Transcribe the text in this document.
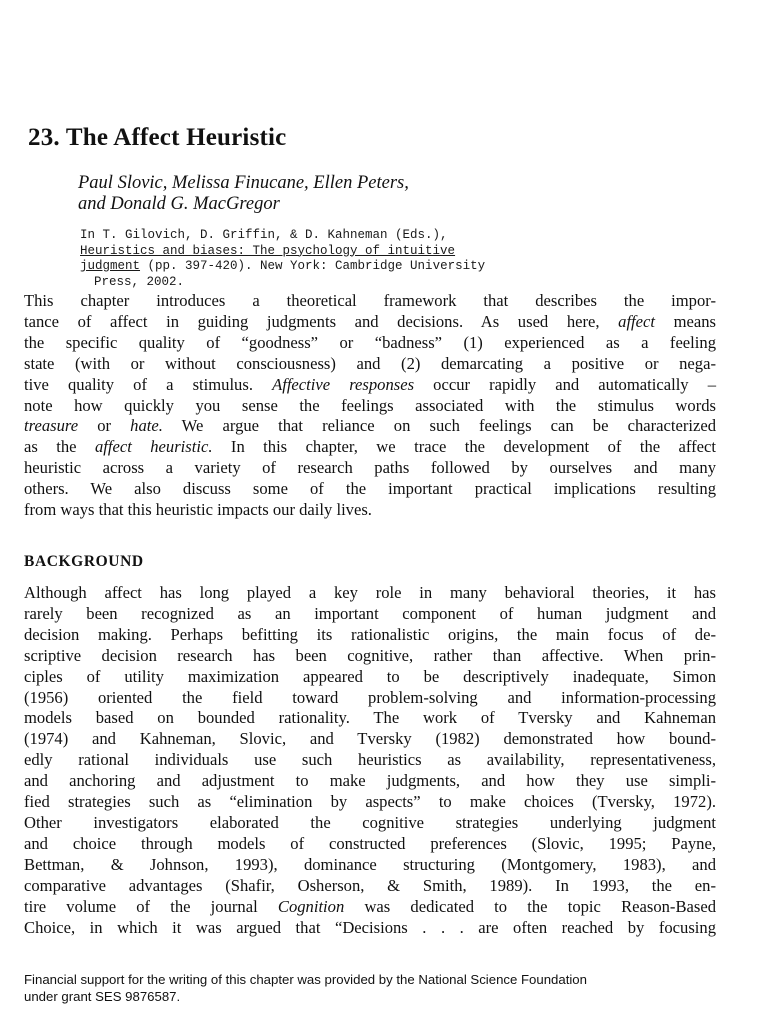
23. The Affect Heuristic
Paul Slovic, Melissa Finucane, Ellen Peters,
and Donald G. MacGregor
In T. Gilovich, D. Griffin, & D. Kahneman (Eds.),
Heuristics and biases: The psychology of intuitive
judgment (pp. 397-420). New York: Cambridge University
Press, 2002.
This chapter introduces a theoretical framework that describes the impor-
tance of affect in guiding judgments and decisions. As used here, affect means
the specific quality of “goodness” or “badness” (1) experienced as a feeling
state (with or without consciousness) and (2) demarcating a positive or nega-
tive quality of a stimulus. Affective responses occur rapidly and automatically –
note how quickly you sense the feelings associated with the stimulus words
treasure or hate. We argue that reliance on such feelings can be characterized
as the affect heuristic. In this chapter, we trace the development of the affect
heuristic across a variety of research paths followed by ourselves and many
others. We also discuss some of the important practical implications resulting
from ways that this heuristic impacts our daily lives.
BACKGROUND
Although affect has long played a key role in many behavioral theories, it has
rarely been recognized as an important component of human judgment and
decision making. Perhaps befitting its rationalistic origins, the main focus of de-
scriptive decision research has been cognitive, rather than affective. When prin-
ciples of utility maximization appeared to be descriptively inadequate, Simon
(1956) oriented the field toward problem-solving and information-processing
models based on bounded rationality. The work of Tversky and Kahneman
(1974) and Kahneman, Slovic, and Tversky (1982) demonstrated how bound-
edly rational individuals use such heuristics as availability, representativeness,
and anchoring and adjustment to make judgments, and how they use simpli-
fied strategies such as “elimination by aspects” to make choices (Tversky, 1972).
Other investigators elaborated the cognitive strategies underlying judgment
and choice through models of constructed preferences (Slovic, 1995; Payne,
Bettman, & Johnson, 1993), dominance structuring (Montgomery, 1983), and
comparative advantages (Shafir, Osherson, & Smith, 1989). In 1993, the en-
tire volume of the journal Cognition was dedicated to the topic Reason-Based
Choice, in which it was argued that “Decisions . . . are often reached by focusing
Financial support for the writing of this chapter was provided by the National Science Foundation
under grant SES 9876587.
